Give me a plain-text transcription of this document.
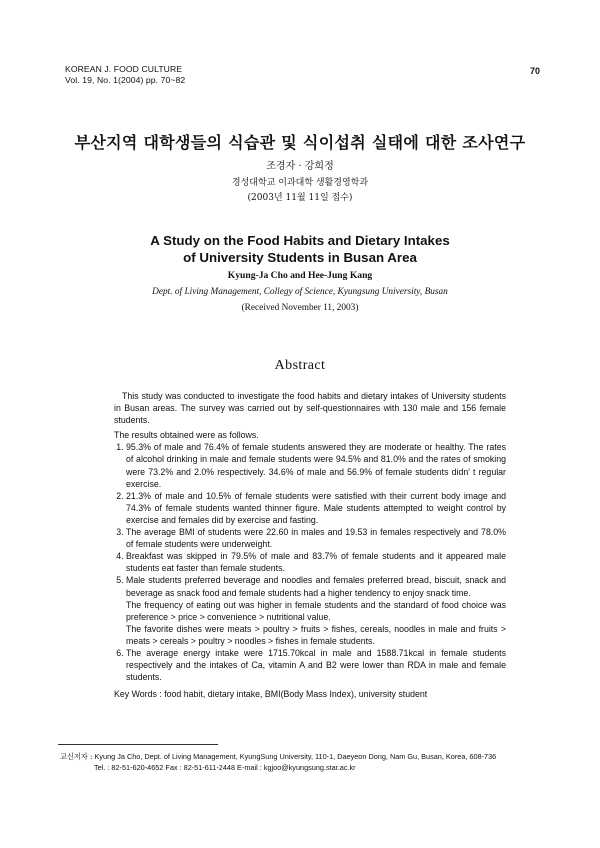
KOREAN J. FOOD CULTURE
Vol. 19, No. 1(2004) pp. 70~82
70
부산지역 대학생들의 식습관 및 식이섭취 실태에 대한 조사연구
조경자 · 강희정
경성대학교 이과대학 생활경영학과
(2003년 11월 11일 접수)
A Study on the Food Habits and Dietary Intakes
of University Students in Busan Area
Kyung-Ja Cho and Hee-Jung Kang
Dept. of Living Management, Collegy of Science, Kyungsung University, Busan
(Received November 11, 2003)
Abstract

This study was conducted to investigate the food habits and dietary intakes of University students in Busan areas. The survey was carried out by self-questionnaires with 130 male and 156 female students.

The results obtained were as follows.

1. 95.3% of male and 76.4% of female students answered they are moderate or healthy. The rates of alcohol drinking in male and female students were 94.5% and 81.0% and the rates of smoking were 73.2% and 2.0% respectively. 34.6% of male and 56.9% of female students didn' t regular exercise.
2. 21.3% of male and 10.5% of female students were satisfied with their current body image and 74.3% of female students wanted thinner figure. Male students attempted to weight control by exercise and females did by exercise and fasting.
3. The average BMI of students were 22.60 in males and 19.53 in females respectively and 78.0% of female students were underweight.
4. Breakfast was skipped in 79.5% of male and 83.7% of female students and it appeared male students eat faster than female students.
5. Male students preferred beverage and noodles and females preferred bread, biscuit, snack and beverage as snack food and female students had a higher tendency to enjoy snack time.
The frequency of eating out was higher in female students and the standard of food choice was preference > price > convenience > nutritional value.
The favorite dishes were meats > poultry > fruits > fishes, cereals, noodles in male and fruits > meats > cereals > poultry > noodles > fishes in female students.
6. The average energy intake were 1715.70kcal in male and 1588.71kcal in female students respectively and the intakes of Ca, vitamin A and B2 were lower than RDA in male and female students.

Key Words : food habit, dietary intake, BMI(Body Mass Index), university student

교신저자 : Kyung Ja Cho, Dept. of Living Management, KyungSung University, 110-1, Daeyeon Dong, Nam Gu, Busan, Korea, 608-736
Tel. : 82-51-620-4652 Fax : 82-51-611-2448 E-mail : kgjoo@kyungsung.star.ac.kr
